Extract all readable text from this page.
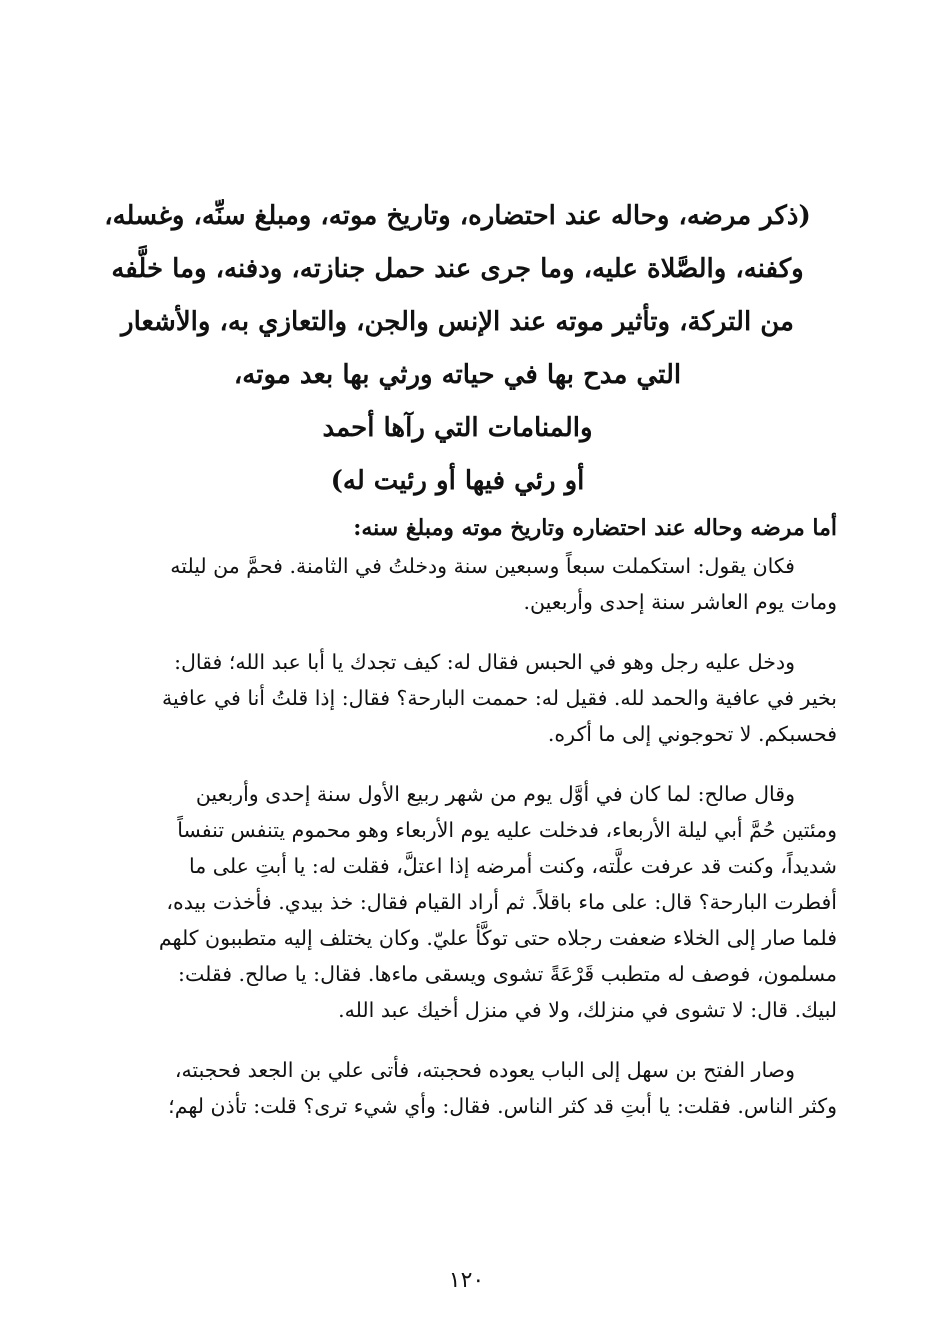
(ذكر مرضه، وحاله عند احتضاره، وتاريخ موته، ومبلغ سنِّه، وغسله،
وكفنه، والصَّلاة عليه، وما جرى عند حمل جنازته، ودفنه، وما خلَّفه
من التركة، وتأثير موته عند الإنس والجن، والتعازي به، والأشعار
التي مدح بها في حياته ورثي بها بعد موته،
والمنامات التي رآها أحمد
أو رئي فيها أو رئيت له)
أما مرضه وحاله عند احتضاره وتاريخ موته ومبلغ سنه:
فكان يقول: استكملت سبعاً وسبعين سنة ودخلتُ في الثامنة. فحمَّ من ليلته
ومات يوم العاشر سنة إحدى وأربعين.
ودخل عليه رجل وهو في الحبس فقال له: كيف تجدك يا أبا عبد الله؛ فقال:
بخير في عافية والحمد لله. فقيل له: حممت البارحة؟ فقال: إذا قلتُ أنا في عافية
فحسبكم. لا تحوجوني إلى ما أكره.
وقال صالح: لما كان في أوَّل يوم من شهر ربيع الأول سنة إحدى وأربعين
ومئتين حُمَّ أبي ليلة الأربعاء، فدخلت عليه يوم الأربعاء وهو محموم يتنفس تنفساً
شديداً، وكنت قد عرفت علَّته، وكنت أمرضه إذا اعتلَّ، فقلت له: يا أبتِ على ما
أفطرت البارحة؟ قال: على ماء باقلاً. ثم أراد القيام فقال: خذ بيدي. فأخذت بيده،
فلما صار إلى الخلاء ضعفت رجلاه حتى توكَّأ عليّ. وكان يختلف إليه متطببون كلهم
مسلمون، فوصف له متطبب قَرْعَةً تشوى ويسقى ماءها. فقال: يا صالح. فقلت:
لبيك. قال: لا تشوى في منزلك، ولا في منزل أخيك عبد الله.
وصار الفتح بن سهل إلى الباب يعوده فحجبته، فأتى علي بن الجعد فحجبته،
وكثر الناس. فقلت: يا أبتِ قد كثر الناس. فقال: وأي شيء ترى؟ قلت: تأذن لهم؛
١٢٠
